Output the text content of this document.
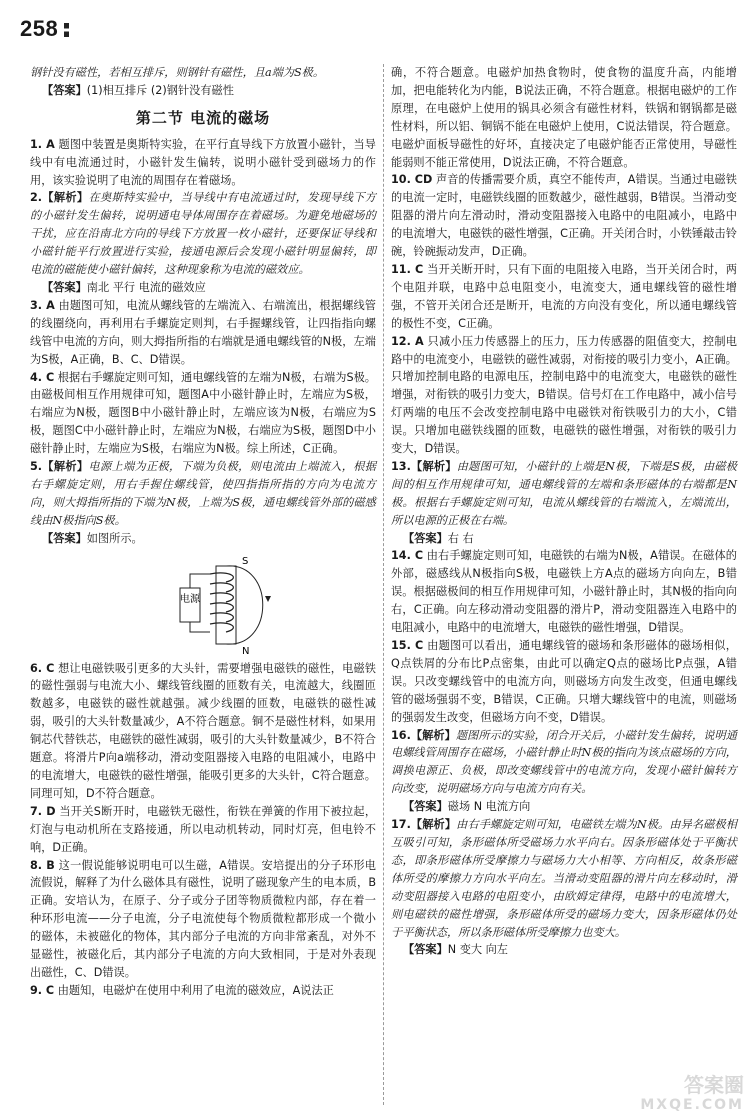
258

钢针没有磁性，若相互排斥，则钢针有磁性，且a端为S极。

【答案】(1)相互排斥 (2)钢针没有磁性

第二节 电流的磁场

1. A 题图中装置是奥斯特实验，在平行直导线下方放置小磁针，当导线中有电流通过时，小磁针发生偏转，说明小磁针受到磁场力的作用，该实验说明了电流的周围存在着磁场。

2.【解析】在奥斯特实验中，当导线中有电流通过时，发现导线下方的小磁针发生偏转，说明通电导体周围存在着磁场。为避免地磁场的干扰，应在沿南北方向的导线下方放置一枚小磁针，还要保证导线和小磁针能平行放置进行实验，接通电源后会发现小磁针明显偏转，即电流的磁能使小磁针偏转，这种现象称为电流的磁效应。

【答案】南北 平行 电流的磁效应

3. A 由题图可知，电流从螺线管的左端流入、右端流出，根据螺线管的线圈绕向，再利用右手螺旋定则判，右手握螺线管，让四指指向螺线管中电流的方向，则大拇指所指的右端就是通电螺线管的N极，左端为S极，A正确，B、C、D错误。

4. C 根据右手螺旋定则可知，通电螺线管的左端为N极，右端为S极。由磁极间相互作用规律可知，题图A中小磁针静止时，左端应为S极，右端应为N极，题图B中小磁针静止时，左端应该为N极，右端应为S极，题图C中小磁针静止时，左端应为N极，右端应为S极，题图D中小磁针静止时，左端应为S极，右端应为N极。综上所述，C正确。

5.【解析】电源上端为正极，下端为负极，则电流由上端流入，根据右手螺旋定则，用右手握住螺线管，使四指指所指的方向为电流方向，则大拇指所指的下端为N极，上端为S极，通电螺线管外部的磁感线由N极指向S极。

【答案】如图所示。

电源
S
N

6. C 想让电磁铁吸引更多的大头针，需要增强电磁铁的磁性，电磁铁的磁性强弱与电流大小、螺线管线圈的匝数有关，电流越大，线圈匝数越多，电磁铁的磁性就越强。减少线圈的匝数，电磁铁的磁性减弱，吸引的大头针数量减少，A不符合题意。铜不是磁性材料，如果用铜芯代替铁芯，电磁铁的磁性减弱，吸引的大头针数量减少，B不符合题意。将滑片P向a端移动，滑动变阻器接入电路的电阻减小，电路中的电流增大，电磁铁的磁性增强，能吸引更多的大头针，C符合题意。同理可知，D不符合题意。

7. D 当开关S断开时，电磁铁无磁性，衔铁在弹簧的作用下被拉起，灯泡与电动机所在支路接通，所以电动机转动，同时灯亮，但电铃不响，D正确。

8. B 这一假说能够说明电可以生磁，A错误。安培提出的分子环形电流假说，解释了为什么磁体具有磁性，说明了磁现象产生的电本质，B正确。安培认为，在原子、分子或分子团等物质微粒内部，存在着一种环形电流——分子电流，分子电流使每个物质微粒都形成一个微小的磁体，未被磁化的物体，其内部分子电流的方向非常紊乱，对外不显磁性，被磁化后，其内部分子电流的方向大致相同，于是对外表现出磁性，C、D错误。

9. C 由题知，电磁炉在使用中利用了电流的磁效应，A说法正

确，不符合题意。电磁炉加热食物时，使食物的温度升高，内能增加，把电能转化为内能，B说法正确，不符合题意。根据电磁炉的工作原理，在电磁炉上使用的锅具必须含有磁性材料，铁锅和钢锅都是磁性材料，所以铝、铜锅不能在电磁炉上使用，C说法错误，符合题意。电磁炉面板导磁性的好坏，直接决定了电磁炉能否正常使用，导磁性能弱则不能正常使用，D说法正确，不符合题意。

10. CD 声音的传播需要介质，真空不能传声，A错误。当通过电磁铁的电流一定时，电磁铁线圈的匝数越少，磁性越弱，B错误。当滑动变阻器的滑片向左滑动时，滑动变阻器接入电路中的电阻减小，电路中的电流增大，电磁铁的磁性增强，C正确。开关闭合时，小铁锤敲击铃碗，铃碗振动发声，D正确。

11. C 当开关断开时，只有下面的电阻接入电路，当开关闭合时，两个电阻并联，电路中总电阻变小，电流变大，通电螺线管的磁性增强，不管开关闭合还是断开，电流的方向没有变化，所以通电螺线管的极性不变，C正确。

12. A 只减小压力传感器上的压力，压力传感器的阻值变大，控制电路中的电流变小，电磁铁的磁性减弱，对衔接的吸引力变小，A正确。只增加控制电路的电源电压，控制电路中的电流变大，电磁铁的磁性增强，对衔铁的吸引力变大，B错误。信号灯在工作电路中，减小信号灯两端的电压不会改变控制电路中电磁铁对衔铁吸引力的大小，C错误。只增加电磁铁线圈的匝数，电磁铁的磁性增强，对衔铁的吸引力变大，D错误。

13.【解析】由题图可知，小磁针的上端是N极，下端是S极，由磁极间的相互作用规律可知，通电螺线管的左端和条形磁体的右端都是N极。根据右手螺旋定则可知，电流从螺线管的右端流入，左端流出，所以电源的正极在右端。

【答案】右 右

14. C 由右手螺旋定则可知，电磁铁的右端为N极，A错误。在磁体的外部，磁感线从N极指向S极，电磁铁上方A点的磁场方向向左，B错误。根据磁极间的相互作用规律可知，小磁针静止时，其N极的指向向右，C正确。向左移动滑动变阻器的滑片P，滑动变阻器连入电路中的电阻减小，电路中的电流增大，电磁铁的磁性增强，D错误。

15. C 由题图可以看出，通电螺线管的磁场和条形磁体的磁场相似，Q点铁屑的分布比P点密集，由此可以确定Q点的磁场比P点强，A错误。只改变螺线管中的电流方向，则磁场方向发生改变，但通电螺线管的磁场强弱不变，B错误，C正确。只增大螺线管中的电流，则磁场的强弱发生改变，但磁场方向不变，D错误。

16.【解析】题图所示的实验，闭合开关后，小磁针发生偏转，说明通电螺线管周围存在磁场，小磁针静止时N极的指向为该点磁场的方向，调换电源正、负极，即改变螺线管中的电流方向，发现小磁针偏转方向改变，说明磁场方向与电流方向有关。

【答案】磁场 N 电流方向

17.【解析】由右手螺旋定则可知，电磁铁左端为N极。由异名磁极相互吸引可知，条形磁体所受磁场力水平向右。因条形磁体处于平衡状态，即条形磁体所受摩擦力与磁场力大小相等、方向相反，故条形磁体所受的摩擦力方向水平向左。当滑动变阻器的滑片向左移动时，滑动变阻器接入电路的电阻变小，由欧姆定律得，电路中的电流增大，则电磁铁的磁性增强，条形磁体所受的磁场力变大，因条形磁体仍处于平衡状态，所以条形磁体所受摩擦力也变大。

【答案】N 变大 向左

答案圈
MXQE.COM
